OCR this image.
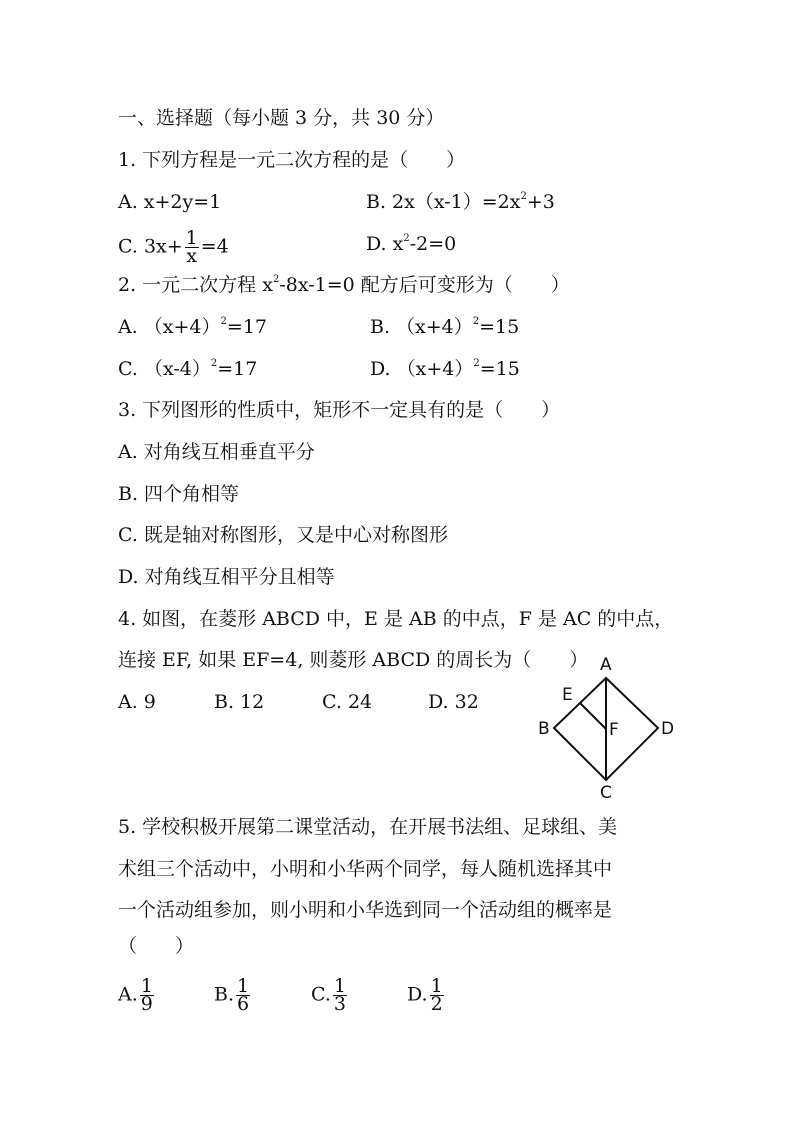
一、选择题（每小题 3 分，共 30 分）
1. 下列方程是一元二次方程的是（　　）
A. x+2y=1	B. $2x(x-1)=2x^2+3$
C. $3x+ \frac{1}{x} =4$	D. $x^2-2=0$
2. 一元二次方程 $x^2-8x-1=0$ 配方后可变形为（　　）
A. $(x+4)^2=17$	B. $(x+4)^2=15$
C. $(x-4)^2=17$	D. $(x+4)^2=15$
3. 下列图形的性质中，矩形不一定具有的是（　　）
A. 对角线互相垂直平分
B. 四个角相等
C. 既是轴对称图形，又是中心对称图形
D. 对角线互相平分且相等
4. 如图，在菱形 ABCD 中，E 是 AB 的中点，F 是 AC 的中点，
连接 EF, 如果 EF=4, 则菱形 ABCD 的周长为（　　）
A. 9	B. 12	C. 24	D. 32
A
B
C
D
E
F
5. 学校积极开展第二课堂活动，在开展书法组、足球组、美
术组三个活动中，小明和小华两个同学，每人随机选择其中
一个活动组参加，则小明和小华选到同一个活动组的概率是
（　　）
A. $\frac{1}{9}$	B. $\frac{1}{6}$	C. $\frac{1}{3}$	D. $\frac{1}{2}$
